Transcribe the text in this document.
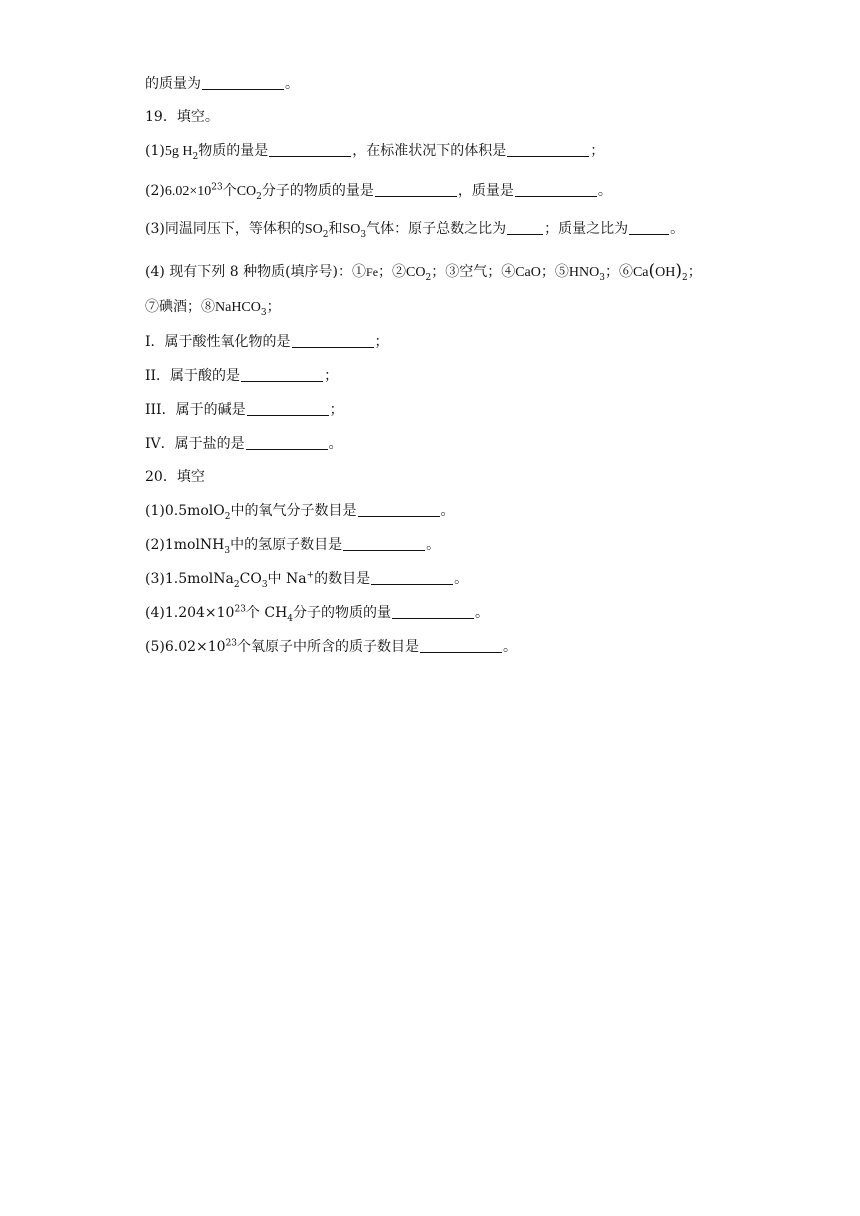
的质量为	。
19．填空。
(1)5g $H_2$物质的量是	，在标准状况下的体积是	；
$(2)6.02\times 10^{23}$个$CO_2$分子的物质的量是	，质量是	。
(3)同温同压下，等体积的$SO_2$和$SO_3$气体：原子总数之比为	；质量之比为	。
(4) 现有下列 8 种物质(填序号)：①Fe；$②CO_2$；③空气；④CaO；$⑤HNO_3$；$⑥Ca(OH)_2$；
⑦碘酒；⑧NaHCO$_3$；
I．属于酸性氧化物的是	；
II．属于酸的是	；
III．属于的碱是	；
IV．属于盐的是	。
20．填空
(1)0.5molO$_2$中的氧气分子数目是	。
(2)1molNH$_3$中的氢原子数目是	。
$(3)1.5molNa_2CO_3$中 Na+的数目是	。
$(4)1.204\times 10^{23}$个 $CH_4$分子的物质的量	。
$(5)6.02\times 10^{23}$个氧原子中所含的质子数目是	。
